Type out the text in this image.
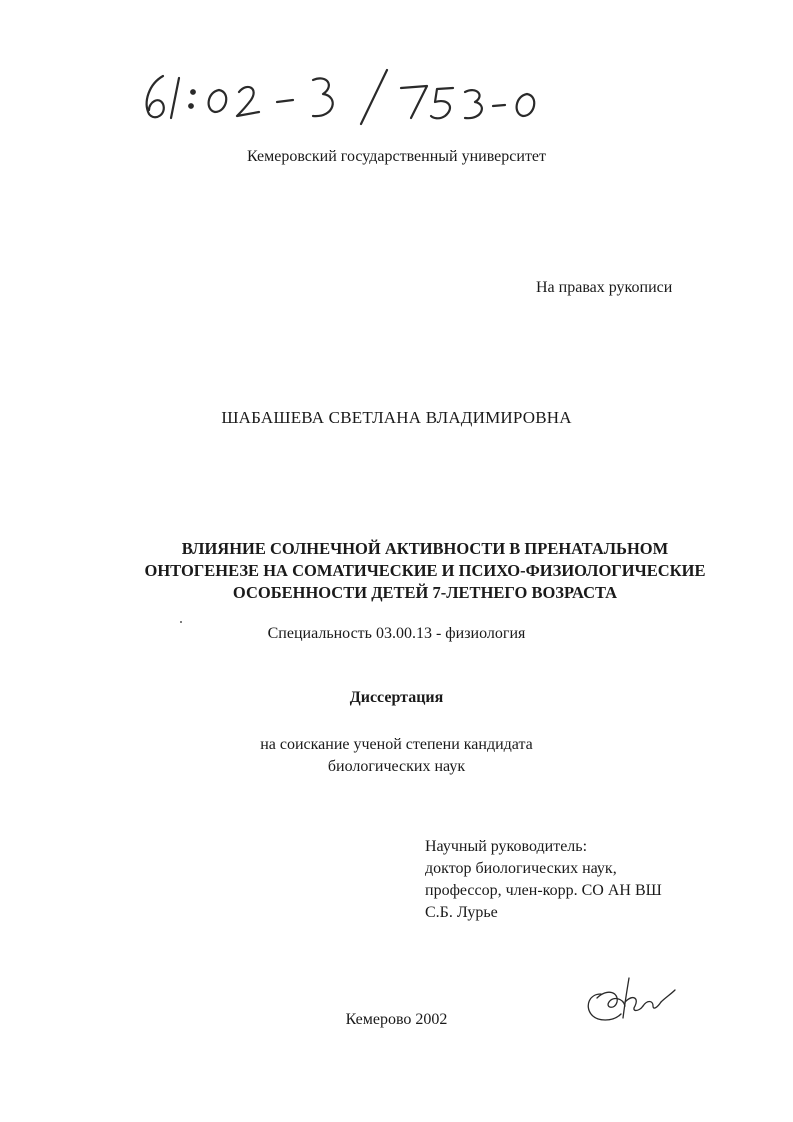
Кемеровский государственный университет
На правах рукописи
ШАБАШЕВА СВЕТЛАНА ВЛАДИМИРОВНА
ВЛИЯНИЕ СОЛНЕЧНОЙ АКТИВНОСТИ В ПРЕНАТАЛЬНОМ
ОНТОГЕНЕЗЕ НА СОМАТИЧЕСКИЕ И ПСИХО-ФИЗИОЛОГИЧЕСКИЕ
ОСОБЕННОСТИ ДЕТЕЙ 7-ЛЕТНЕГО ВОЗРАСТА
Специальность 03.00.13 - физиология
Диссертация
на соискание ученой степени кандидата
биологических наук
Научный руководитель:
доктор биологических наук,
профессор, член-корр. СО АН ВШ
С.Б. Лурье
Кемерово 2002
